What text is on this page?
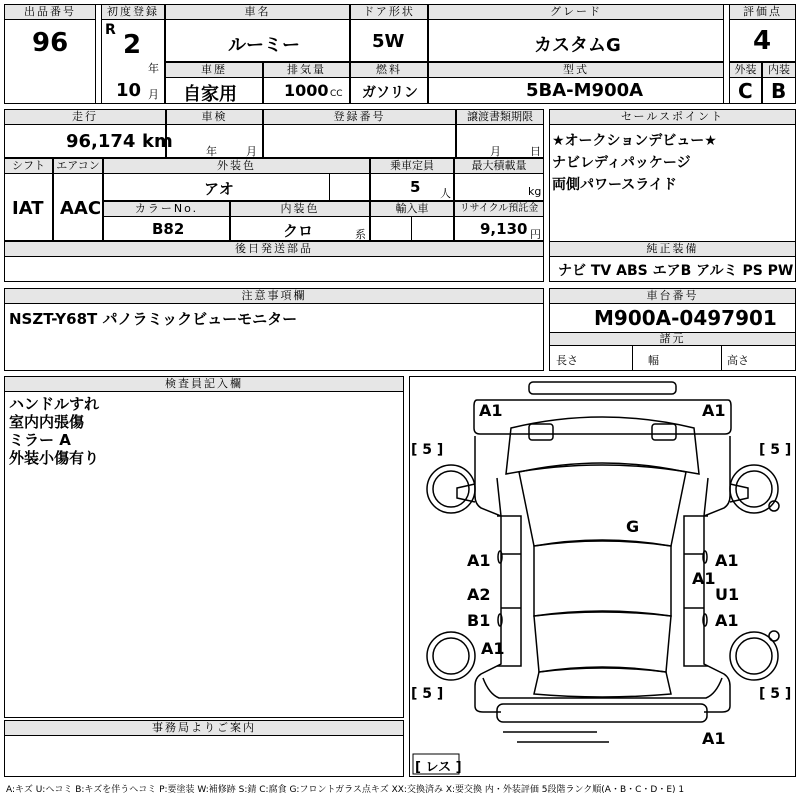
出品番号
96
初度登録
R 2
年
10 月
車名
ルーミー
ドア形状
5W
グレード
カスタムG
評価点
4
車歴
自家用
排気量
1000 CC
燃料
ガソリン
型式
5BA-M900A
外装
C
内装
B
走行
96,174 km
車検
年	月
登録番号	譲渡書類期限
月	日
セールスポイント
★オークションデビュー★
ナビレディパッケージ
両側パワースライド
シフト
IAT
エアコン
AAC
外装色
アオ
乗車定員
5 人
最大積載量
kg
カラーNo.
B82
内装色
クロ	系
輸入車	リサイクル預託金
9,130 円
後日発送部品	純正装備
ナビ TV ABS エアB アルミ PS PW
注意事項欄
NSZT-Y68T パノラミックビューモニター
車台番号
M900A-0497901
諸元
長さ	幅	高さ
検査員記入欄
ハンドルすれ
室内内張傷
ミラー A
外装小傷有り
事務局よりご案内
A1	A1
G
A1
A2
B1
A1
A1
A1
U1
A1
A1
[ 5 ]	[ 5 ]
[ 5 ]	[ 5 ]
[ レス ]
A:キズ U:ヘコミ B:キズを伴うヘコミ P:要塗装 W:補修跡 S:錆 C:腐食 G:フロントガラス点キズ XX:交換済み X:要交換 内・外装評価 5段階ランク順(A・B・C・D・E) 1
